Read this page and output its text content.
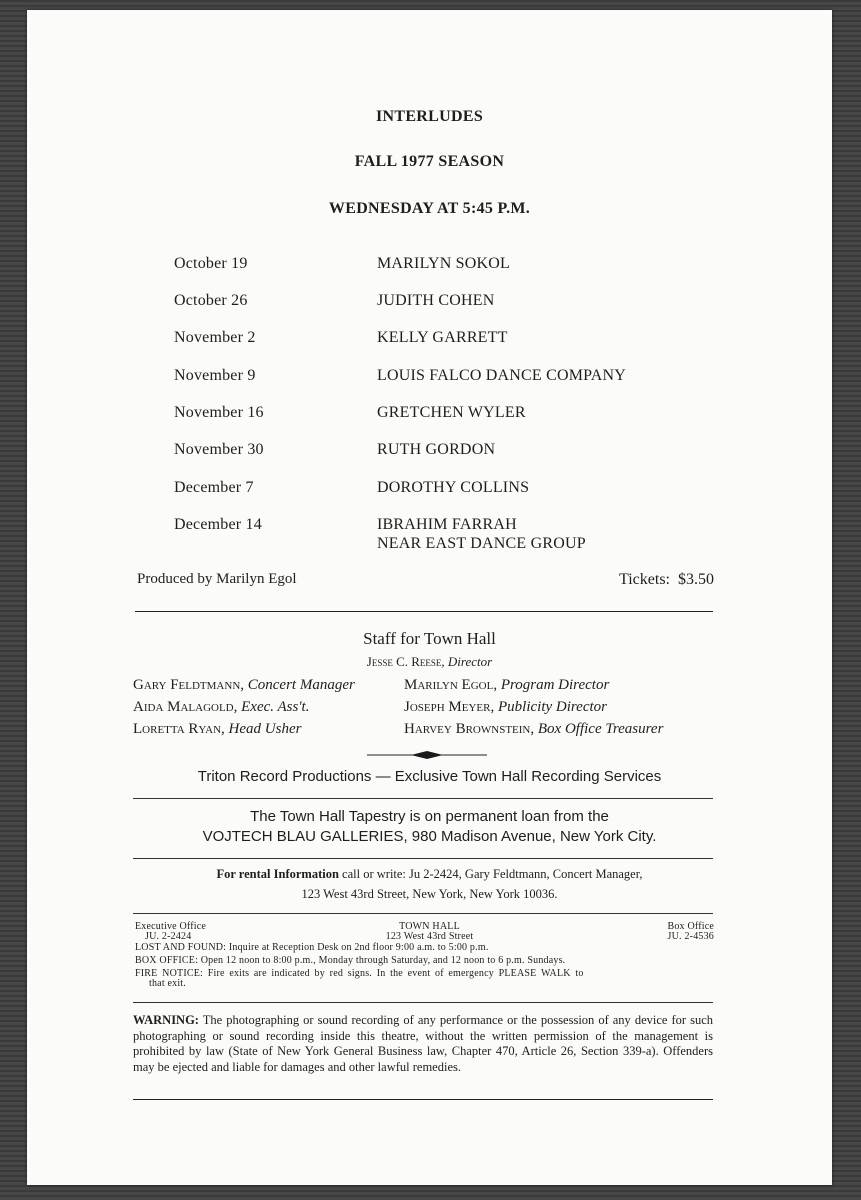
INTERLUDES
FALL 1977 SEASON
WEDNESDAY AT 5:45 P.M.
October 19	MARILYN SOKOL
October 26	JUDITH COHEN
November 2	KELLY GARRETT
November 9	LOUIS FALCO DANCE COMPANY
November 16	GRETCHEN WYLER
November 30	RUTH GORDON
December 7	DOROTHY COLLINS
December 14	IBRAHIM FARRAH
NEAR EAST DANCE GROUP
Produced by Marilyn Egol	Tickets:  $3.50
Staff for Town Hall
Jesse C. Reese, Director
Gary Feldtmann, Concert Manager	Marilyn Egol, Program Director
Aida Malagold, Exec. Ass't.	Joseph Meyer, Publicity Director
Loretta Ryan, Head Usher	Harvey Brownstein, Box Office Treasurer
Triton Record Productions — Exclusive Town Hall Recording Services
The Town Hall Tapestry is on permanent loan from the
VOJTECH BLAU GALLERIES, 980 Madison Avenue, New York City.
For rental Information call or write: Ju 2-2424, Gary Feldtmann, Concert Manager,
123 West 43rd Street, New York, New York 10036.
Executive Office
JU. 2-2424
TOWN HALL
123 West 43rd Street
Box Office
JU. 2-4536
LOST AND FOUND: Inquire at Reception Desk on 2nd floor 9:00 a.m. to 5:00 p.m.
BOX OFFICE: Open 12 noon to 8:00 p.m., Monday through Saturday, and 12 noon to 6 p.m. Sundays.
FIRE NOTICE: Fire exits are indicated by red signs. In the event of emergency PLEASE WALK to
that exit.
WARNING: The photographing or sound recording of any performance or the possession of any device for such photographing or sound recording inside this theatre, without the written permission of the management is prohibited by law (State of New York General Business law, Chapter 470, Article 26, Section 339-a). Offenders may be ejected and liable for damages and other lawful remedies.
